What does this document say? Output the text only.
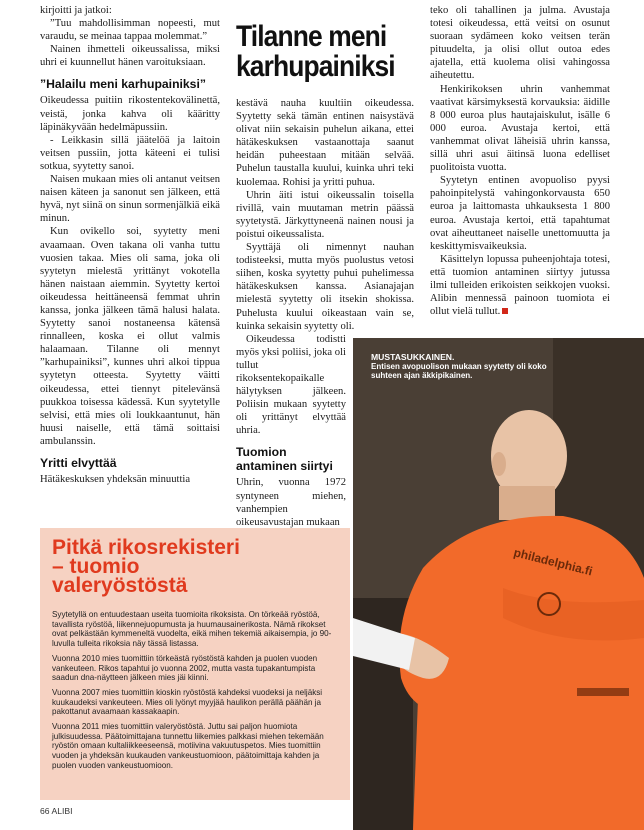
kirjoitti ja jatkoi:

”Tuu mahdollisimman nopeesti, mut varaudu, se meinaa tappaa molemmat.”

Nainen ihmetteli oikeussalissa, miksi uhri ei kuunnellut hänen varoituksiaan.

”Halailu meni karhupainiksi”

Oikeudessa puitiin rikostentekovälinettä, veistä, jonka kahva oli kääritty läpinäkyvään hedelmäpussiin.

- Leikkasin sillä jäätelöä ja laitoin veitsen pussiin, jotta käteeni ei tulisi sotkua, syytetty sanoi.

Naisen mukaan mies oli antanut veitsen naisen käteen ja sanonut sen jälkeen, että hyvä, nyt siinä on sinun sormenjälkiä eikä minun.

Kun ovikello soi, syytetty meni avaamaan. Oven takana oli vanha tuttu vuosien takaa. Mies oli sama, joka oli syytetyn mielestä yrittänyt vokotella hänen naistaan aiemmin. Syytetty kertoi oikeudessa heittäneensä femmat uhrin kanssa, jonka jälkeen tämä halusi halata. Syytetty sanoi nostaneensa kätensä rinnalleen, koska ei ollut valmis halaamaan. Tilanne oli mennyt ”karhupainiksi”, kunnes uhri alkoi tippua syytetyn otteesta. Syytetty väitti oikeudessa, ettei tiennyt pitelevänsä puukkoa toisessa kädessä. Kun syytetylle selvisi, että mies oli loukkaantunut, hän huusi naiselle, että tämä soittaisi ambulanssin.

Yritti elvyttää

Hätäkeskuksen yhdeksän minuuttia

Tilanne meni
karhupainiksi

kestävä nauha kuultiin oikeudessa. Syytetty sekä tämän entinen naisystävä olivat niin sekaisin puhelun aikana, ettei hätäkeskuksen vastaanottaja saanut heidän puheestaan mitään selvää. Puhelun taustalla kuului, kuinka uhri teki kuolemaa. Rohisi ja yritti puhua.

Uhrin äiti istui oikeussalin toisella rivillä, vain muutaman metrin päässä syytetystä. Järkyttyneenä nainen nousi ja poistui oikeussalista.

Syyttäjä oli nimennyt nauhan todisteeksi, mutta myös puolustus vetosi siihen, koska syytetty puhui puhelimessa hätäkeskuksen kanssa. Asianajajan mielestä syytetty oli itsekin shokissa. Puhelusta kuului oikeastaan vain se, kuinka sekaisin syytetty oli.

Oikeudessa todistti myös yksi poliisi, joka oli tullut rikoksentekopaikalle hälytyksen jälkeen. Poliisin mukaan syytetty oli yrittänyt elvyttää uhria.

Tuomion antaminen siirtyi

Uhrin, vuonna 1972 syntyneen miehen, vanhempien oikeusavustajan mukaan

teko oli tahallinen ja julma. Avustaja totesi oikeudessa, että veitsi on osunut suoraan sydämeen koko veitsen terän pituudelta, ja olisi ollut outoa edes ajatella, että kuolema olisi vahingossa aiheutettu.

Henkirikoksen uhrin vanhemmat vaativat kärsimyksestä korvauksia: äidille 8 000 euroa plus hautajaiskulut, isälle 6 000 euroa. Avustaja kertoi, että vanhemmat olivat läheisiä uhrin kanssa, sillä uhri asui äitinsä luona edelliset puolitoista vuotta.

Syytetyn entinen avopuoliso pyysi pahoinpitelystä vahingonkorvausta 650 euroa ja laittomasta uhkauksesta 1 800 euroa. Avustaja kertoi, että tapahtumat ovat aiheuttaneet naiselle unettomuutta ja keskittymisvaikeuksia.

Käsittelyn lopussa puheenjohtaja totesi, että tuomion antaminen siirtyy jutussa ilmi tulleiden erikoisten seikkojen vuoksi. Alibin mennessä painoon tuomiota ei ollut vielä tullut.

Pitkä rikosrekisteri
– tuomio
valeryöstöstä

Syytetyllä on entuudestaan useita tuomioita rikoksista. On törkeää ryöstöä, tavallista ryöstöä, liikennejuopumusta ja huumausainerikosta. Nämä rikokset ovat pelkästään kymmeneltä vuodelta, eikä mihen tekemiä aikaisempia, jo 90-luvulla tulleita rikoksia näy tässä listassa.

Vuonna 2010 mies tuomittiin törkeästä ryöstöstä kahden ja puolen vuoden vankeuteen. Rikos tapahtui jo vuonna 2002, mutta vasta tupakantumpista saadun dna-näytteen jälkeen mies jäi kiinni.

Vuonna 2007 mies tuomittiin kioskin ryöstöstä kahdeksi vuodeksi ja neljäksi kuukaudeksi vankeuteen. Mies oli lyönyt myyjää haulikon perällä päähän ja pakottanut avaamaan kassakaapin.

Vuonna 2011 mies tuomittiin valeryöstöstä. Juttu sai paljon huomiota julkisuudessa. Päätoimittajana tunnettu liikemies palkkasi miehen tekemään ryöstön omaan kultaliikkeeseensä, motiivina vakuutuspetos. Mies tuomittiin vuoden ja yhdeksän kuukauden vankeustuomioon, päätoimittaja kahden ja puolen vuoden vankeustuomioon.

philadelphia.fi
MUSTASUKKAINEN.
Entisen avopuolison mukaan syytetty oli koko suhteen ajan äkkipikainen.
66 ALIBI
